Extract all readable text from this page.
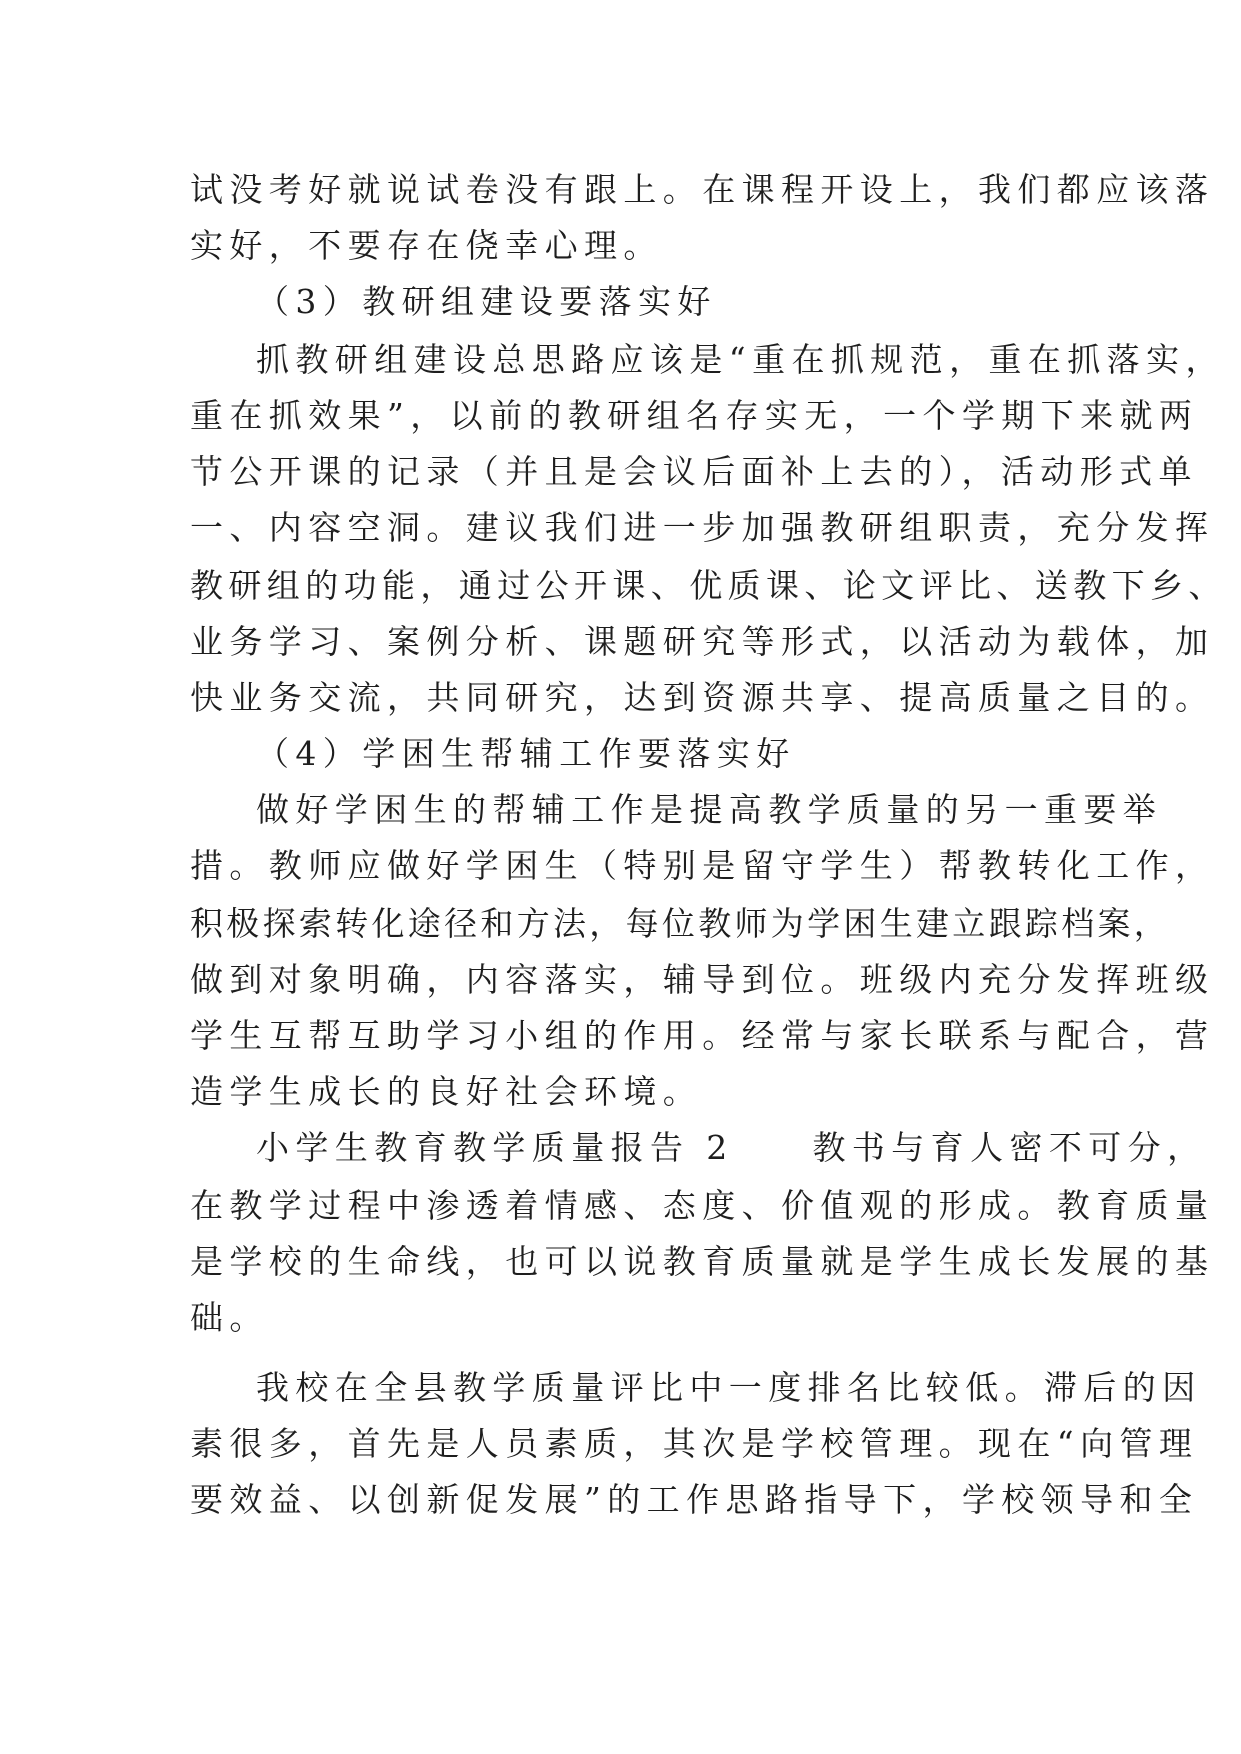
试没考好就说试卷没有跟上。在课程开设上，我们都应该落
实好，不要存在侥幸心理。
（3）教研组建设要落实好
抓教研组建设总思路应该是“重在抓规范，重在抓落实，
重在抓效果”，以前的教研组名存实无，一个学期下来就两
节公开课的记录（并且是会议后面补上去的），活动形式单
一、内容空洞。建议我们进一步加强教研组职责，充分发挥
教研组的功能，通过公开课、优质课、论文评比、送教下乡、
业务学习、案例分析、课题研究等形式，以活动为载体，加
快业务交流，共同研究，达到资源共享、提高质量之目的。
（4）学困生帮辅工作要落实好
做好学困生的帮辅工作是提高教学质量的另一重要举
措。教师应做好学困生（特别是留守学生）帮教转化工作，
积极探索转化途径和方法，每位教师为学困生建立跟踪档案，
做到对象明确，内容落实，辅导到位。班级内充分发挥班级
学生互帮互助学习小组的作用。经常与家长联系与配合，营
造学生成长的良好社会环境。
小学生教育教学质量报告 2　　教书与育人密不可分，
在教学过程中渗透着情感、态度、价值观的形成。教育质量
是学校的生命线，也可以说教育质量就是学生成长发展的基
础。
我校在全县教学质量评比中一度排名比较低。滞后的因
素很多，首先是人员素质，其次是学校管理。现在“向管理
要效益、以创新促发展”的工作思路指导下，学校领导和全
